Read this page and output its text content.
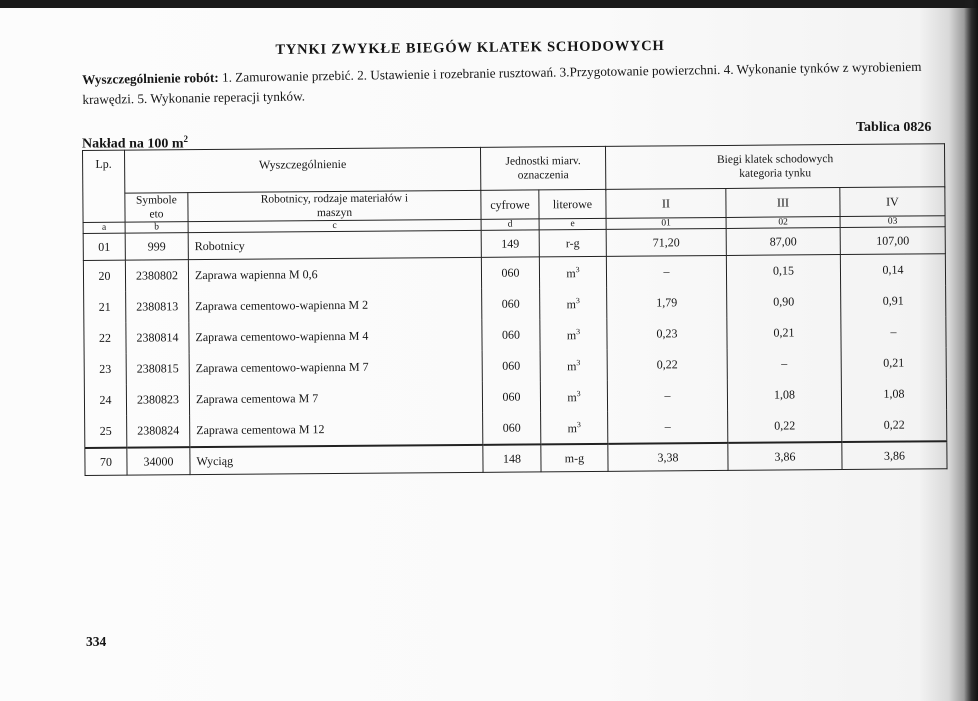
TYNKI ZWYKŁE BIEGÓW KLATEK SCHODOWYCH
Wyszczególnienie robót: 1. Zamurowanie przebić. 2. Ustawienie i rozebranie rusztowań. 3.Przygotowanie powierzchni. 4. Wykonanie tynków z wyrobieniem krawędzi. 5. Wykonanie reperacji tynków.
Nakład na 100 $m^2$
Tablica 0826
Lp.	Wyszczególnienie		Jednostki miarv. oznaczenia		Biegi klatek schodowych kategoria tynku		
	Symbole eto	Robotnicy, rodzaje materiałów i maszyn					
			cyfrowe	literowe	II	III	IV
a	b	c	d	e	01	02	03
01	999	Robotnicy	149	r-g	71,20	87,00	107,00
20	2380802	Zaprawa wapienna M 0,6	060	$m^3$	–	0,15	0,14
21	2380813	Zaprawa cementowo-wapienna M 2	060	$m^3$	1,79	0,90	0,91
22	2380814	Zaprawa cementowo-wapienna M 4	060	$m^3$	0,23	0,21	–
23	2380815	Zaprawa cementowo-wapienna M 7	060	$m^3$	0,22	–	0,21
24	2380823	Zaprawa cementowa M 7	060	$m^3$	–	1,08	1,08
25	2380824	Zaprawa cementowa M 12	060	$m^3$	–	0,22	0,22
70	34000	Wyciąg	148	m-g	3,38	3,86	3,86
334
